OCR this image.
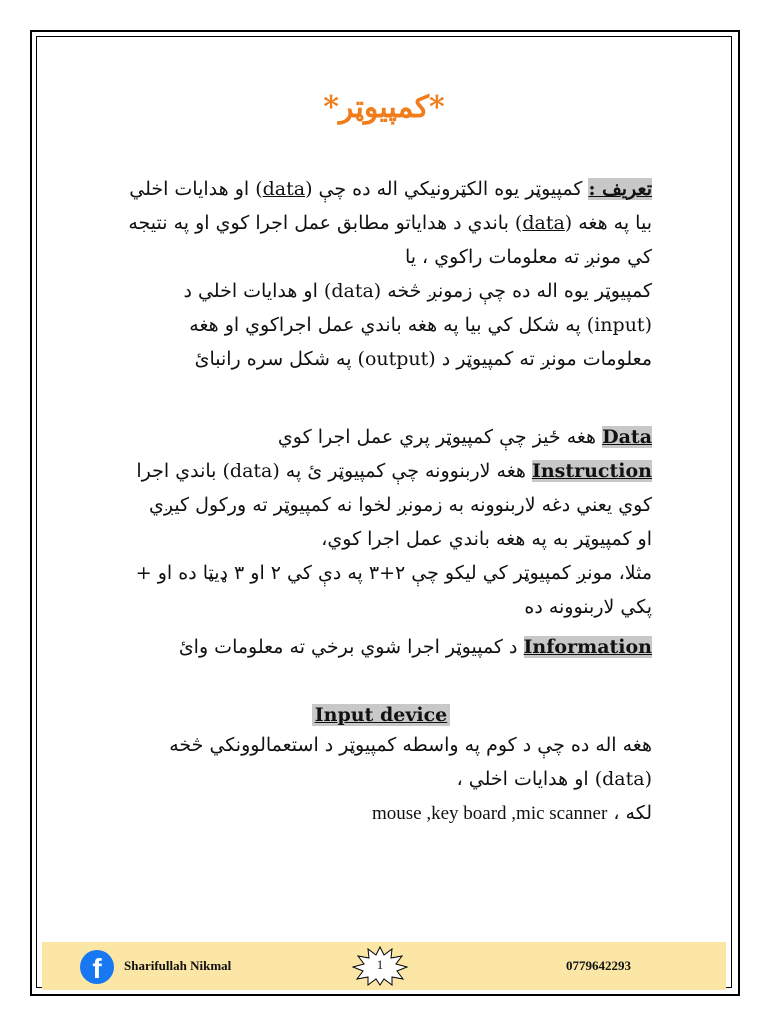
*کمپیوټر*
تعریف : کمپیوټر یوه الکټرونیکي اله ده چې (data) او هدایات اخلي
بیا په هغه (data) باندي د هدایاتو مطابق عمل اجرا کوي او په نتیجه
کي مونږ ته معلومات راکوي ، یا
کمپیوټر یوه اله ده چې زمونږ څخه (data) او هدایات اخلي د
(input) په شکل کي بیا په هغه باندي عمل اجراکوي او هغه
معلومات مونږ ته کمپیوټر د (output) په شکل سره رانبائ
Data هغه ځیز چې کمپیوټر پري عمل اجرا کوي
Instruction هغه لاربنوونه چې کمپیوټر ئ په (data) باندي اجرا
کوي یعني دغه لاربنوونه به زمونږ لخوا نه کمپیوټر ته ورکول کیږي
او کمپیوټر به په هغه باندي عمل اجرا کوي،
مثلا، مونږ کمپیوټر کي لیکو چې ۲+۳ په دې کي ۲ او ۳ ډیټا ده او +
پکي لاربنوونه ده
Information د کمپیوټر اجرا شوي برخي ته معلومات وائ
Input device
هغه اله ده چې د کوم په واسطه کمپیوټر د استعمالوونکي څخه
(data) او هدایات اخلي ،
لکه ، mouse ,key board ,mic scanner
f	Sharifullah Nikmal	1	0779642293
